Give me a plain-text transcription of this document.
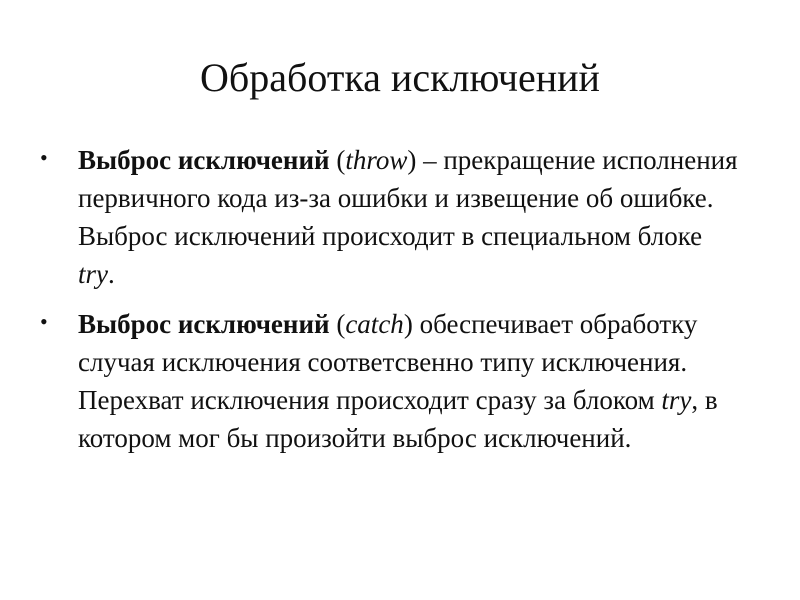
Обработка исключений
• Выброс исключений (throw) – прекращение исполнения первичного кода из-за ошибки и извещение об ошибке. Выброс исключений происходит в специальном блоке try.
• Выброс исключений (catch) обеспечивает обработку случая исключения соответсвенно типу исключения. Перехват исключения происходит сразу за блоком try, в котором мог бы произойти выброс исключений.
